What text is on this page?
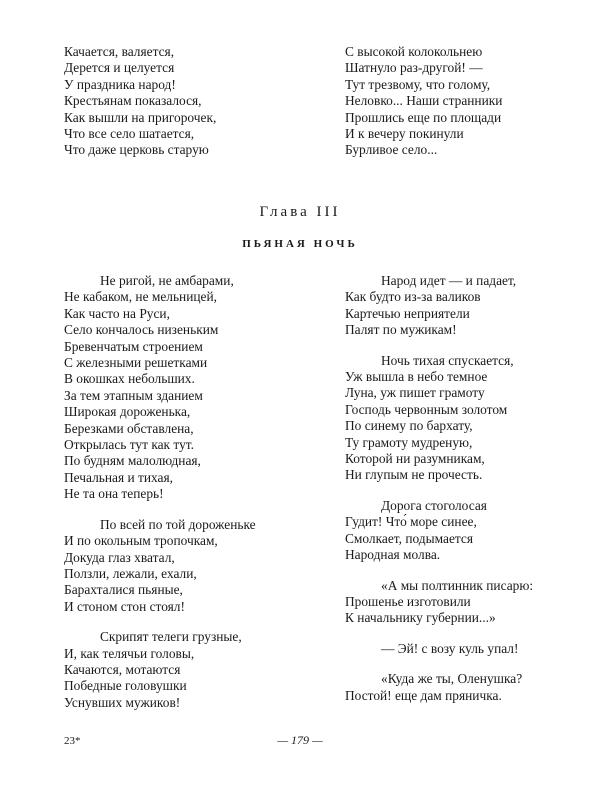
Качается, валяется,
Дерется и целуется
У праздника народ!
Крестьянам показалося,
Как вышли на пригорочек,
Что все село шатается,
Что даже церковь старую
С высокой колокольнею
Шатнуло раз-другой! —
Тут трезвому, что голому,
Неловко... Наши странники
Прошлись еще по площади
И к вечеру покинули
Бурливое село...
Глава III
ПЬЯНАЯ НОЧЬ
Не ригой, не амбарами,
Не кабаком, не мельницей,
Как часто на Руси,
Село кончалось низеньким
Бревенчатым строением
С железными решетками
В окошках небольших.
За тем этапным зданием
Широкая дороженька,
Березками обставлена,
Открылась тут как тут.
По будням малолюдная,
Печальная и тихая,
Не та она теперь!
По всей по той дороженьке
И по окольным тропочкам,
Докуда глаз хватал,
Ползли, лежали, ехали,
Барахталися пьяные,
И стоном стон стоял!
Скрипят телеги грузные,
И, как телячьи головы,
Качаются, мотаются
Победные головушки
Уснувших мужиков!
Народ идет — и падает,
Как будто из-за валиков
Картечью неприятели
Палят по мужикам!
Ночь тихая спускается,
Уж вышла в небо темное
Луна, уж пишет грамоту
Господь червонным золотом
По синему по бархату,
Ту грамоту мудреную,
Которой ни разумникам,
Ни глупым не прочесть.
Дорога стоголосая
Гудит! Что́ море синее,
Смолкает, подымается
Народная молва.
«А мы полтинник писарю:
Прошенье изготовили
К начальнику губернии...»
— Эй! с возу куль упал!
«Куда же ты, Оленушка?
Постой! еще дам пряничка.
23*	— 179 —
